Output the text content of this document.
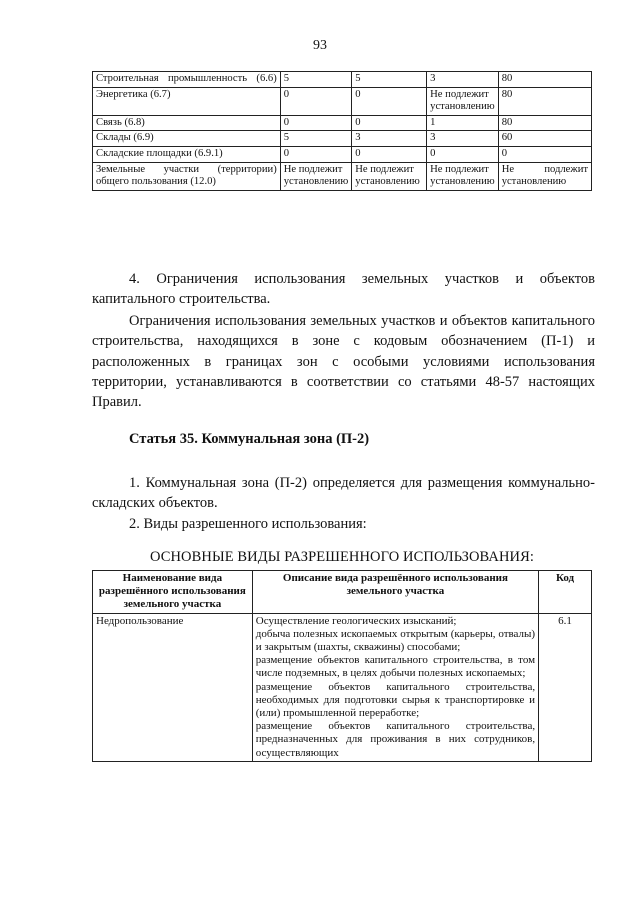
93
Строительная промышленность (6.6)	5	5	3	80
Энергетика (6.7)	0	0	Не подлежит установлению	80
Связь (6.8)	0	0	1	80
Склады (6.9)	5	3	3	60
Складские площадки (6.9.1)	0	0	0	0
Земельные участки (территории) общего пользования (12.0)	Не подлежит установлению	Не подлежит установлению	Не подлежит установлению	Не подлежит установлению
4. Ограничения использования земельных участков и объектов капитального строительства.
Ограничения использования земельных участков и объектов капитального строительства, находящихся в зоне с кодовым обозначением (П-1) и расположенных в границах зон с особыми условиями использования территории, устанавливаются в соответствии со статьями 48-57 настоящих Правил.
Статья 35. Коммунальная зона (П-2)
1. Коммунальная зона (П-2) определяется для размещения коммунально-складских объектов.
2. Виды разрешенного использования:
ОСНОВНЫЕ ВИДЫ РАЗРЕШЕННОГО ИСПОЛЬЗОВАНИЯ:
Наименование вида разрешённого использования земельного участка	Описание вида разрешённого использования земельного участка	Код
Недропользование	Осуществление геологических изысканий;
добыча полезных ископаемых открытым (карьеры, отвалы) и закрытым (шахты, скважины) способами;
размещение объектов капитального строительства, в том числе подземных, в целях добычи полезных ископаемых;
размещение объектов капитального строительства, необходимых для подготовки сырья к транспортировке и (или) промышленной переработке;
размещение объектов капитального строительства, предназначенных для проживания в них сотрудников, осуществляющих	6.1
